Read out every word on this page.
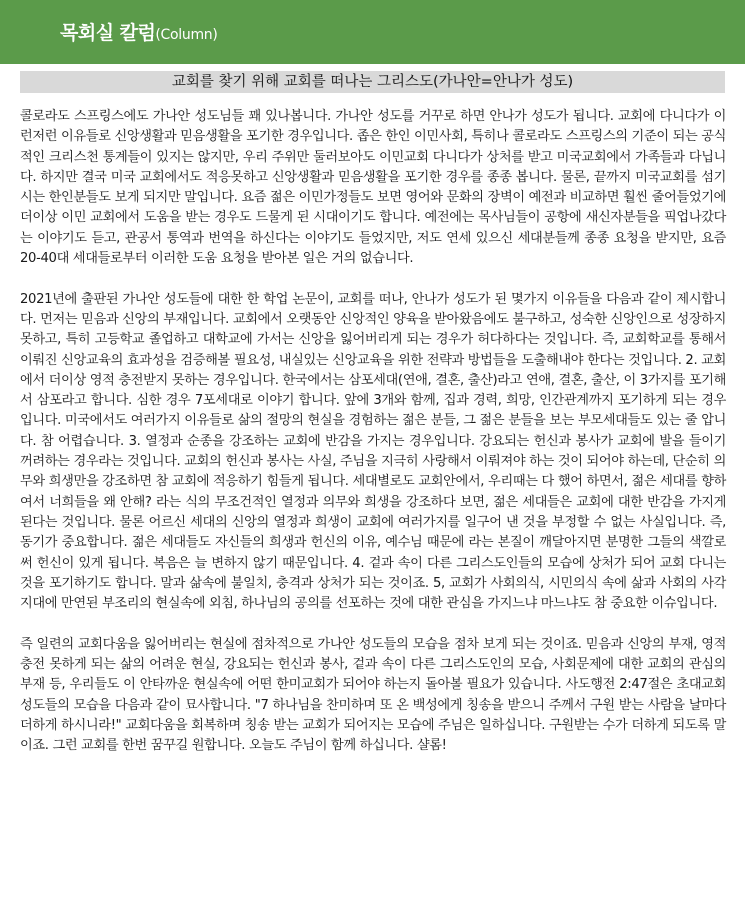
목회실 칼럼(Column)
교회를 찾기 위해 교회를 떠나는 그리스도(가나안=안나가 성도)

콜로라도 스프링스에도 가나안 성도님들 꽤 있나봅니다. 가나안 성도를 거꾸로 하면 안나가 성도가 됩니다. 교회에 다니다가 이런저런 이유들로 신앙생활과 믿음생활을 포기한 경우입니다. 좁은 한인 이민사회, 특히나 콜로라도 스프링스의 기준이 되는 공식적인 크리스천 통계들이 있지는 않지만, 우리 주위만 둘러보아도 이민교회 다니다가 상처를 받고 미국교회에서 가족들과 다닙니다. 하지만 결국 미국 교회에서도 적응못하고 신앙생활과 믿음생활을 포기한 경우를 종종 봅니다. 물론, 끝까지 미국교회를 섬기시는 한인분들도 보게 되지만 말입니다. 요즘 젊은 이민가정들도 보면 영어와 문화의 장벽이 예전과 비교하면 훨씬 줄어들었기에 더이상 이민 교회에서 도움을 받는 경우도 드물게 된 시대이기도 합니다. 예전에는 목사님들이 공항에 새신자분들을 픽업나갔다는 이야기도 듣고, 관공서 통역과 번역을 하신다는 이야기도 들었지만, 저도 연세 있으신 세대분들께 종종 요청을 받지만, 요즘 20-40대 세대들로부터 이러한 도움 요청을 받아본 일은 거의 없습니다.

2021년에 출판된 가나안 성도들에 대한 한 학업 논문이, 교회를 떠나, 안나가 성도가 된 몇가지 이유들을 다음과 같이 제시합니다. 먼저는 믿음과 신앙의 부재입니다. 교회에서 오랫동안 신앙적인 양육을 받아왔음에도 불구하고, 성숙한 신앙인으로 성장하지 못하고, 특히 고등학교 졸업하고 대학교에 가서는 신앙을 잃어버리게 되는 경우가 허다하다는 것입니다. 즉, 교회학교를 통해서 이뤄진 신앙교육의 효과성을 검증해볼 필요성, 내실있는 신앙교육을 위한 전략과 방법들을 도출해내야 한다는 것입니다. 2. 교회에서 더이상 영적 충전받지 못하는 경우입니다. 한국에서는 삼포세대(연애, 결혼, 출산)라고 연애, 결혼, 출산, 이 3가지를 포기해서 삼포라고 합니다. 심한 경우 7포세대로 이야기 합니다. 앞에 3개와 함께, 집과 경력, 희망, 인간관계까지 포기하게 되는 경우입니다. 미국에서도 여러가지 이유들로 삶의 절망의 현실을 경험하는 젊은 분들, 그 젊은 분들을 보는 부모세대들도 있는 줄 압니다. 참 어렵습니다. 3. 열정과 순종을 강조하는 교회에 반감을 가지는 경우입니다. 강요되는 헌신과 봉사가 교회에 발을 들이기 꺼려하는 경우라는 것입니다. 교회의 헌신과 봉사는 사실, 주님을 지극히 사랑해서 이뤄져야 하는 것이 되어야 하는데, 단순히 의무와 희생만을 강조하면 참 교회에 적응하기 힘들게 됩니다. 세대별로도 교회안에서, 우리때는 다 했어 하면서, 젊은 세대를 향하여서 너희들을 왜 안해? 라는 식의 무조건적인 열정과 의무와 희생을 강조하다 보면, 젊은 세대들은 교회에 대한 반감을 가지게 된다는 것입니다. 물론 어르신 세대의 신앙의 열정과 희생이 교회에 여러가지를 일구어 낸 것을 부정할 수 없는 사실입니다. 즉, 동기가 중요합니다. 젊은 세대들도 자신들의 희생과 헌신의 이유, 예수님 때문에 라는 본질이 깨달아지면 분명한 그들의 색깔로써 헌신이 있게 됩니다. 복음은 늘 변하지 않기 때문입니다. 4. 겉과 속이 다른 그리스도인들의 모습에 상처가 되어 교회 다니는 것을 포기하기도 합니다. 말과 삶속에 불일치, 충격과 상처가 되는 것이죠. 5, 교회가 사회의식, 시민의식 속에 삶과 사회의 사각지대에 만연된 부조리의 현실속에 외침, 하나님의 공의를 선포하는 것에 대한 관심을 가지느냐 마느냐도 참 중요한 이슈입니다.

즉 일련의 교회다움을 잃어버리는 현실에 점차적으로 가나안 성도들의 모습을 점차 보게 되는 것이죠. 믿음과 신앙의 부재, 영적 충전 못하게 되는 삶의 어려운 현실, 강요되는 헌신과 봉사, 겉과 속이 다른 그리스도인의 모습, 사회문제에 대한 교회의 관심의 부재 등, 우리들도 이 안타까운 현실속에 어떤 한미교회가 되어야 하는지 돌아볼 필요가 있습니다. 사도행전 2:47절은 초대교회 성도들의 모습을 다음과 같이 묘사합니다. "7 하나님을 찬미하며 또 온 백성에게 칭송을 받으니 주께서 구원 받는 사람을 날마다 더하게 하시니라!" 교회다움을 회복하며 칭송 받는 교회가 되어지는 모습에 주님은 일하십니다. 구원받는 수가 더하게 되도록 말이죠. 그런 교회를 한번 꿈꾸길 원합니다. 오늘도 주님이 함께 하십니다. 샬롬!
